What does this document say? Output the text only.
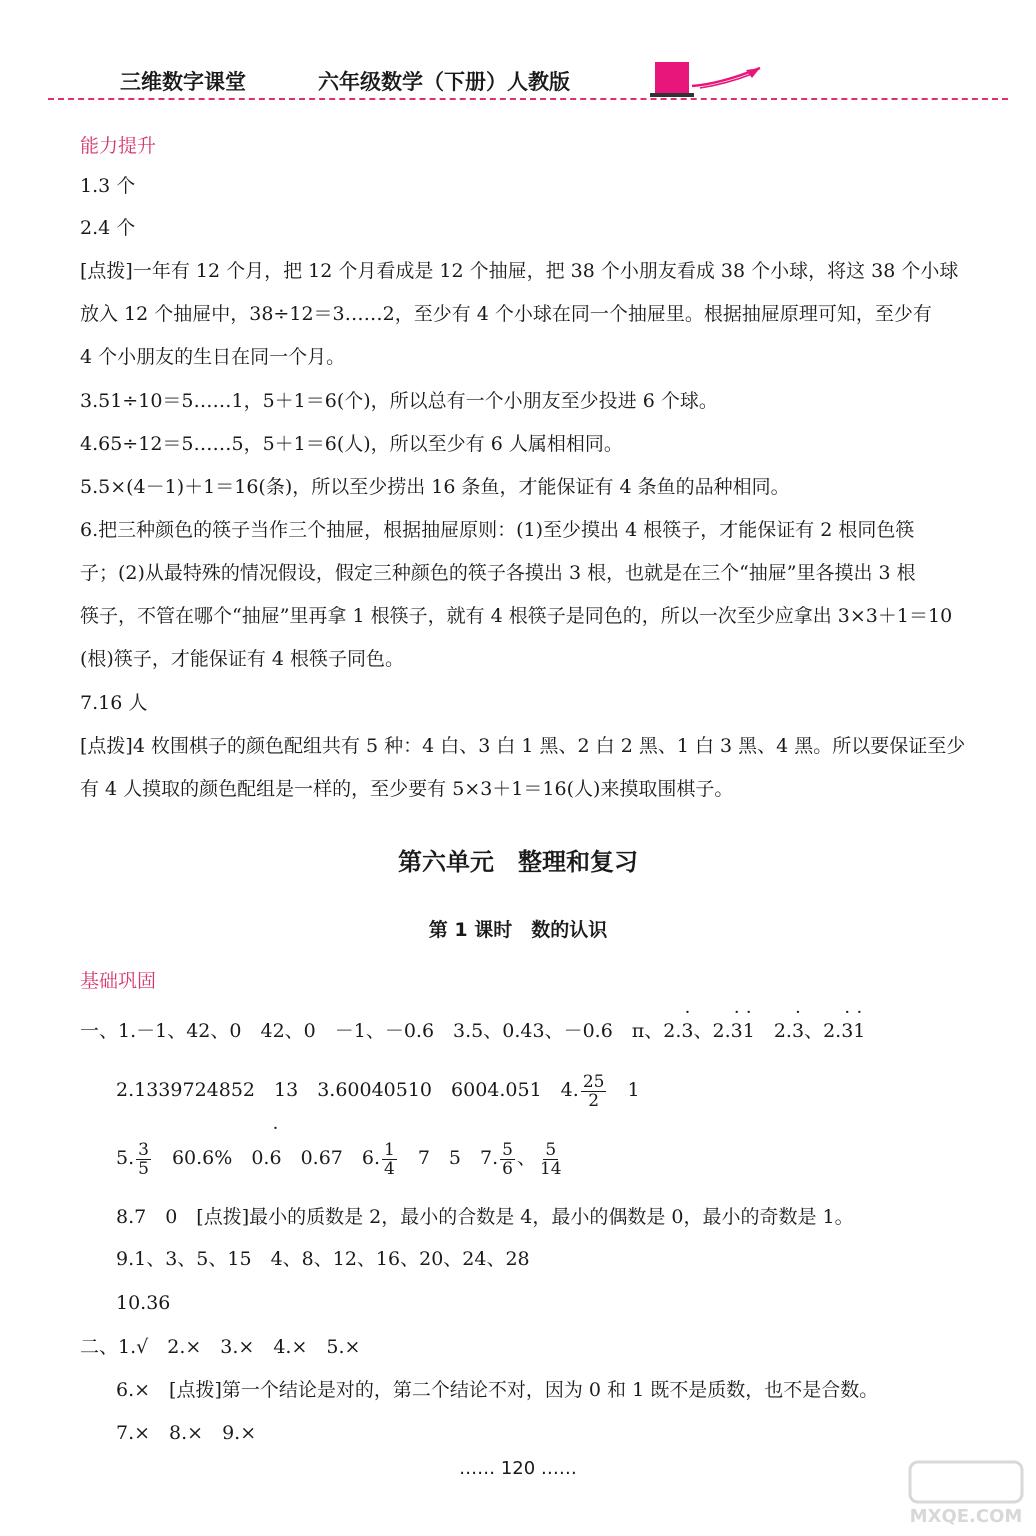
三维数字课堂	六年级数学（下册）人教版
能力提升
1.3 个
2.4 个
[点拨]一年有 12 个月，把 12 个月看成是 12 个抽屉，把 38 个小朋友看成 38 个小球，将这 38 个小球
放入 12 个抽屉中，38÷12＝3……2，至少有 4 个小球在同一个抽屉里。根据抽屉原理可知，至少有
4 个小朋友的生日在同一个月。
3.51÷10＝5……1，5＋1＝6(个)，所以总有一个小朋友至少投进 6 个球。
4.65÷12＝5……5，5＋1＝6(人)，所以至少有 6 人属相相同。
5.5×(4－1)＋1＝16(条)，所以至少捞出 16 条鱼，才能保证有 4 条鱼的品种相同。
6.把三种颜色的筷子当作三个抽屉，根据抽屉原则：(1)至少摸出 4 根筷子，才能保证有 2 根同色筷
子；(2)从最特殊的情况假设，假定三种颜色的筷子各摸出 3 根，也就是在三个“抽屉”里各摸出 3 根
筷子，不管在哪个“抽屉”里再拿 1 根筷子，就有 4 根筷子是同色的，所以一次至少应拿出 3×3＋1＝10
(根)筷子，才能保证有 4 根筷子同色。
7.16 人
[点拨]4 枚围棋子的颜色配组共有 5 种：4 白、3 白 1 黑、2 白 2 黑、1 白 3 黑、4 黑。所以要保证至少
有 4 人摸取的颜色配组是一样的，至少要有 5×3＋1＝16(人)来摸取围棋子。
第六单元　整理和复习
第 1 课时　数的认识
基础巩固
一、1.－1、42、0　42、0　－1、－0.6　3.5、0.43、－0.6　π、2.· 3、2.· 3· 1　2.· 3、2.· 3· 1
2.1339724852　13　3.60040510　6004.051　4. $\frac{25}{2}$ 　1
5. $\frac{3}{5}$ 　60.6%　0.· 6　0.67　6. $\frac{1}{4}$ 　7　5　7. $\frac{5}{6}$ 、 $\frac{5}{14}$
8.7　0　[点拨]最小的质数是 2，最小的合数是 4，最小的偶数是 0，最小的奇数是 1。
9.1、3、5、15　4、8、12、16、20、24、28
10.36
二、1.√　2.×　3.×　4.×　5.×
6.×　[点拨]第一个结论是对的，第二个结论不对，因为 0 和 1 既不是质数，也不是合数。
7.×　8.×　9.×
…… 120 ……
MXQE.COM
